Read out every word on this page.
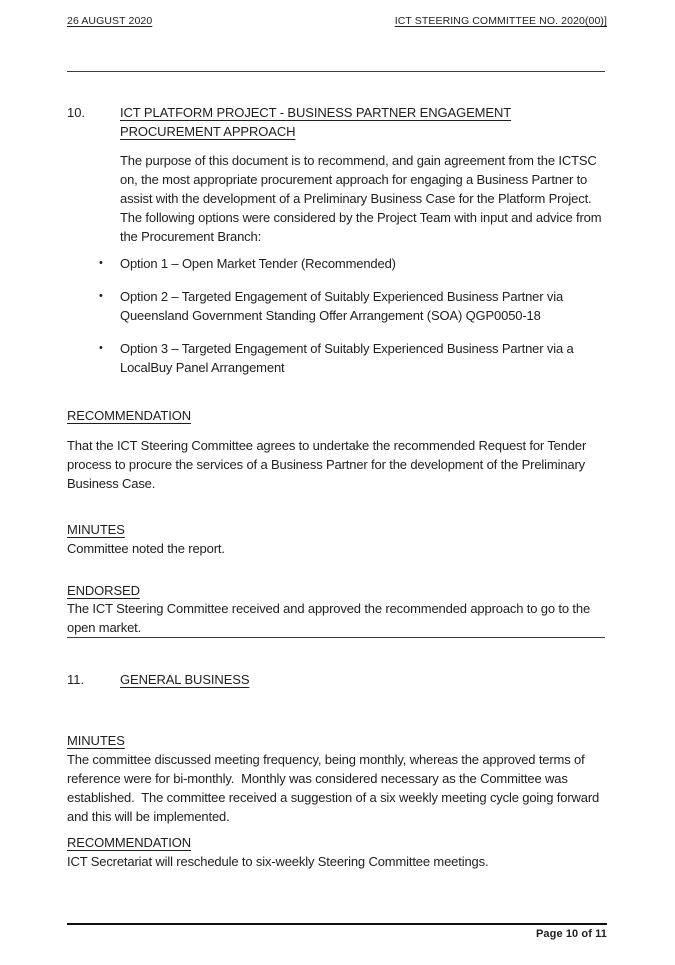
26 AUGUST 2020	ICT STEERING COMMITTEE NO. 2020(00)]
10.	ICT PLATFORM PROJECT - BUSINESS PARTNER ENGAGEMENT PROCUREMENT APPROACH
The purpose of this document is to recommend, and gain agreement from the ICTSC on, the most appropriate procurement approach for engaging a Business Partner to assist with the development of a Preliminary Business Case for the Platform Project. The following options were considered by the Project Team with input and advice from the Procurement Branch:
•	Option 1 – Open Market Tender (Recommended)
•	Option 2 – Targeted Engagement of Suitably Experienced Business Partner via Queensland Government Standing Offer Arrangement (SOA) QGP0050-18
•	Option 3 – Targeted Engagement of Suitably Experienced Business Partner via a LocalBuy Panel Arrangement
RECOMMENDATION
That the ICT Steering Committee agrees to undertake the recommended Request for Tender process to procure the services of a Business Partner for the development of the Preliminary Business Case.
MINUTES
Committee noted the report.
ENDORSED
The ICT Steering Committee received and approved the recommended approach to go to the open market.
11.	GENERAL BUSINESS
MINUTES
The committee discussed meeting frequency, being monthly, whereas the approved terms of reference were for bi-monthly.  Monthly was considered necessary as the Committee was established.  The committee received a suggestion of a six weekly meeting cycle going forward and this will be implemented.
RECOMMENDATION
ICT Secretariat will reschedule to six-weekly Steering Committee meetings.
Page 10 of 11
